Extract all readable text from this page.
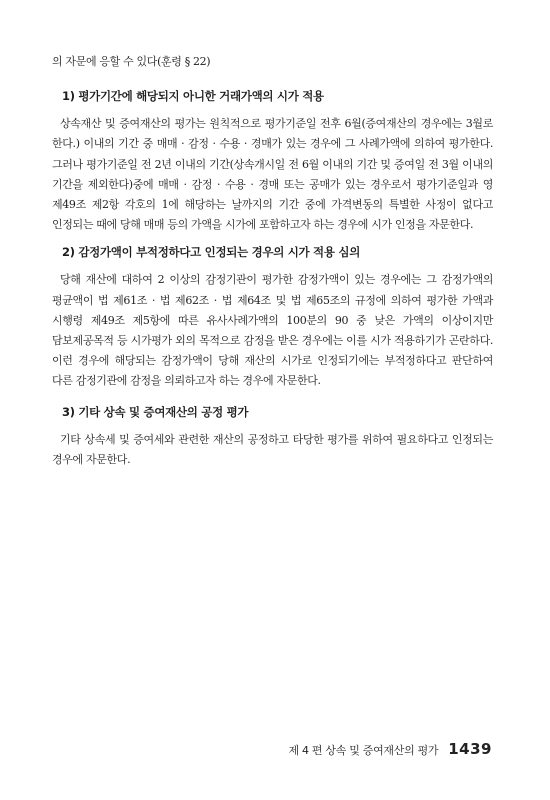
의 자문에 응할 수 있다(훈령 § 22)

1) 평가기간에 해당되지 아니한 거래가액의 시가 적용

상속재산 및 증여재산의 평가는 원칙적으로 평가기준일 전후 6월(증여재산의 경우에는 3월로 한다.) 이내의 기간 중 매매 · 감정 · 수용 · 경매가 있는 경우에 그 사례가액에 의하여 평가한다. 그러나 평가기준일 전 2년 이내의 기간(상속개시일 전 6월 이내의 기간 및 증여일 전 3월 이내의 기간을 제외한다)중에 매매 · 감정 · 수용 · 경매 또는 공매가 있는 경우로서 평가기준일과 영 제49조 제2항 각호의 1에 해당하는 날까지의 기간 중에 가격변동의 특별한 사정이 없다고 인정되는 때에 당해 매매 등의 가액을 시가에 포함하고자 하는 경우에 시가 인정을 자문한다.

2) 감정가액이 부적정하다고 인정되는 경우의 시가 적용 심의

당해 재산에 대하여 2 이상의 감정기관이 평가한 감정가액이 있는 경우에는 그 감정가액의 평균액이 법 제61조 · 법 제62조 · 법 제64조 및 법 제65조의 규정에 의하여 평가한 가액과 시행령 제49조 제5항에 따른 유사사례가액의 100분의 90 중 낮은 가액의 이상이지만 담보제공목적 등 시가평가 외의 목적으로 감정을 받은 경우에는 이를 시가 적용하기가 곤란하다. 이런 경우에 해당되는 감정가액이 당해 재산의 시가로 인정되기에는 부적정하다고 판단하여 다른 감정기관에 감정을 의뢰하고자 하는 경우에 자문한다.

3) 기타 상속 및 증여재산의 공정 평가

기타 상속세 및 증여세와 관련한 재산의 공정하고 타당한 평가를 위하여 필요하다고 인정되는 경우에 자문한다.

제 4 편 상속 및 증여재산의 평가 1439
